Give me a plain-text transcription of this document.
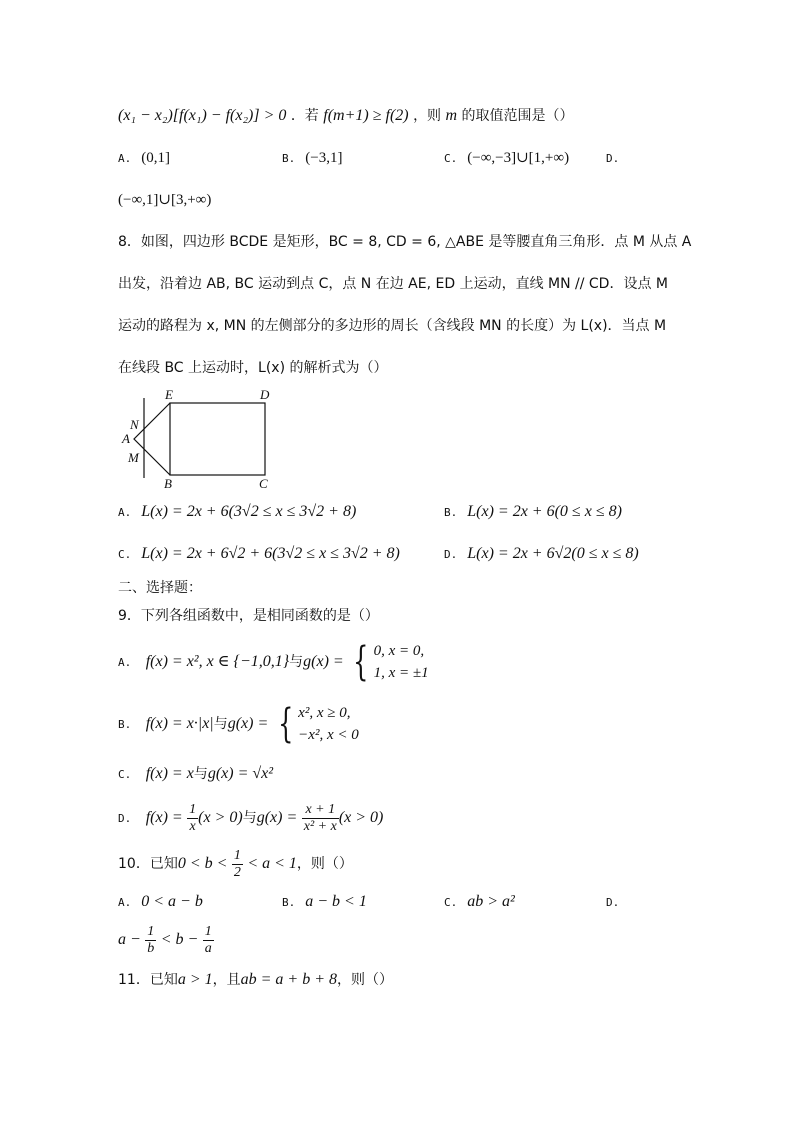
(x₁ − x₂)[f(x₁) − f(x₂)] > 0 ．若 f(m+1) ≥ f(2) ，则 m 的取值范围是（）
A. (0,1]	B. (−3,1]	C. (−∞,−3]∪[1,+∞)	D.
(−∞,1]∪[3,+∞)
8．如图，四边形 BCDE 是矩形，BC = 8, CD = 6, △ABE 是等腰直角三角形．点 M 从点 A
出发，沿着边 AB, BC 运动到点 C，点 N 在边 AE, ED 上运动，直线 MN // CD．设点 M
运动的路程为 x, MN 的左侧部分的多边形的周长（含线段 MN 的长度）为 L(x)．当点 M
在线段 BC 上运动时，L(x) 的解析式为（）
E	D
N
A
M
B	C
A. L(x) = 2x + 6(3√2 ≤ x ≤ 3√2 + 8)	B. L(x) = 2x + 6(0 ≤ x ≤ 8)
C. L(x) = 2x + 6√2 + 6(3√2 ≤ x ≤ 3√2 + 8)	D. L(x) = 2x + 6√2(0 ≤ x ≤ 8)
二、选择题：
9．下列各组函数中，是相同函数的是（）
A. f(x) = x², x ∈ {−1,0,1}与g(x) = { 0, x = 0,
1, x = ±1
B. f(x) = x·|x|与g(x) = { x², x ≥ 0,
−x², x < 0
C. f(x) = x与g(x) = √x²
D. $f(x) = \frac{1}{x} (x > 0)$与$g(x) = \frac{x + 1}{\text{x² + x}} (x > 0)$
10．已知$0 < b < \frac{1}{2} < a < 1$，则（）
A. 0 < a − b	B. a − b < 1	C. ab > a²	D.
$a - \frac{1}{b} < b - \frac{1}{a}$
11．已知a > 1，且ab = a + b + 8，则（）
